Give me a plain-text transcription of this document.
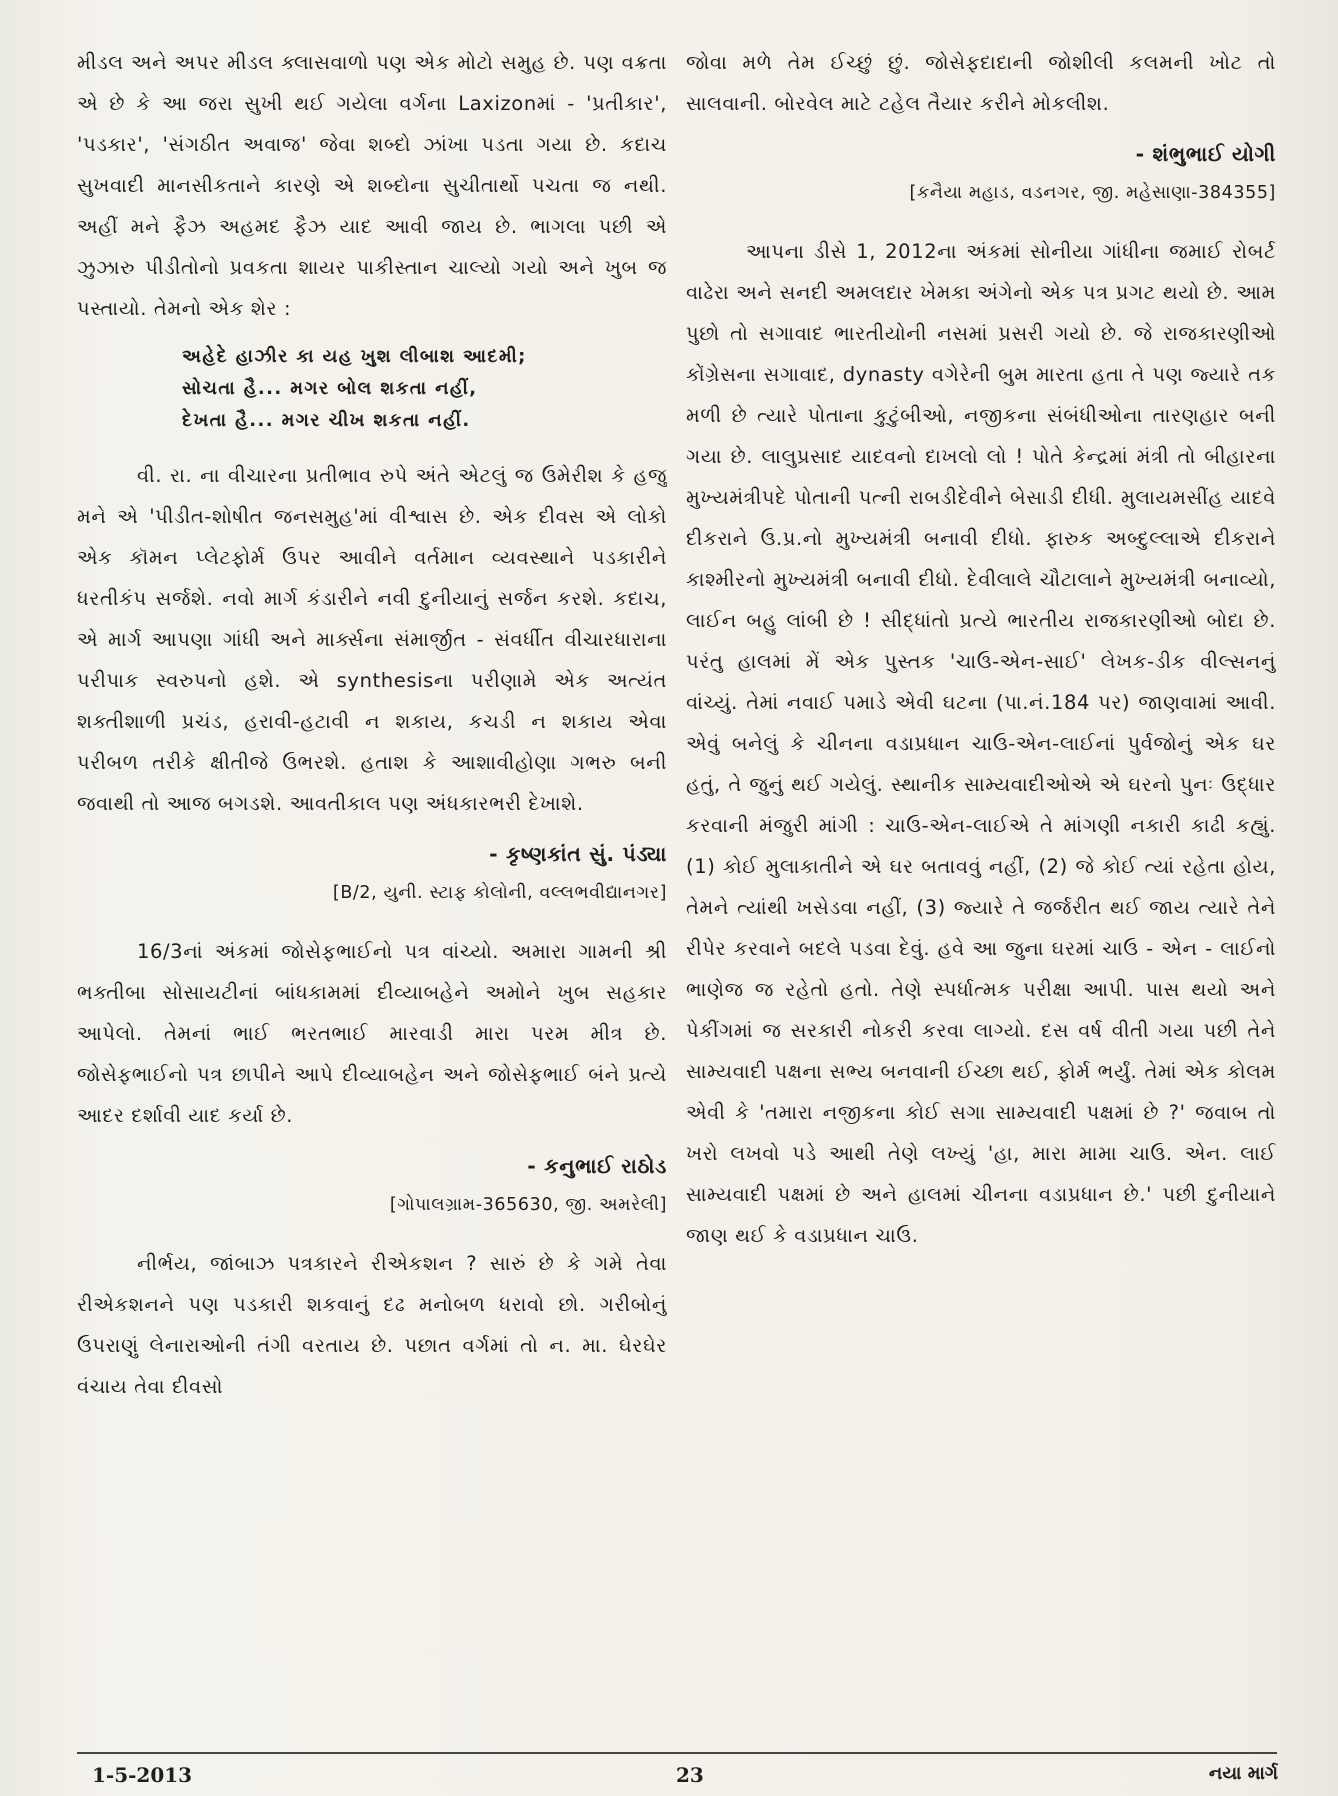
મીડલ અને અપર મીડલ ક્લાસવાળો પણ એક મોટો સમુહ છે. પણ વક્રતા એ છે કે આ જરા સુખી થઈ ગયેલા વર્ગના Laxizonમાં - 'પ્રતીકાર', 'પડકાર', 'સંગઠીત અવાજ' જેવા શબ્દો ઝાંખા પડતા ગયા છે. કદાચ સુખવાદી માનસીકતાને કારણે એ શબ્દોના સુચીતાર્થો પચતા જ નથી. અહીં મને ફૈઝ અહમદ ફૈઝ યાદ આવી જાય છે. ભાગલા પછી એ ઝુઝારુ પીડીતોનો પ્રવકતા શાયર પાકીસ્તાન ચાલ્યો ગયો અને ખુબ જ પસ્તાયો. તેમનો એક શેર :

અહેદે હાઝીર કા યહ ખુશ લીબાશ આદમી;
સોચતા હૈ... મગર બોલ શકતા નહીં,
દેખતા હૈ... મગર ચીખ શકતા નહીં.

વી. રા. ના વીચારના પ્રતીભાવ રુપે અંતે એટલું જ ઉમેરીશ કે હજુ મને એ 'પીડીત-શોષીત જનસમુહ'માં વીશ્વાસ છે. એક દીવસ એ લોકો એક કૉમન પ્લેટફોર્મ ઉપર આવીને વર્તમાન વ્યવસ્થાને પડકારીને ધરતીકંપ સર્જશે. નવો માર્ગ કંડારીને નવી દુનીયાનું સર્જન કરશે. કદાચ, એ માર્ગ આપણા ગાંધી અને માર્ક્સના સંમાર્જીત - સંવર્ધીત વીચારધારાના પરીપાક સ્વરુપનો હશે. એ synthesisના પરીણામે એક અત્યંત શક્તીશાળી પ્રચંડ, હરાવી-હટાવી ન શકાય, કચડી ન શકાય એવા પરીબળ તરીકે ક્ષીતીજે ઉભરશે. હતાશ કે આશાવીહોણા ગભરુ બની જવાથી તો આજ બગડશે. આવતીકાલ પણ અંધકારભરી દેખાશે.

- કૃષ્ણકાંત સું. પંડ્યા
[B/2, યુની. સ્ટાફ કોલોની, વલ્લભવીદ્યાનગર]

16/3નાં અંકમાં જોસેફભાઈનો પત્ર વાંચ્યો. અમારા ગામની શ્રી ભક્તીબા સોસાયટીનાં બાંધકામમાં દીવ્યાબહેને અમોને ખુબ સહકાર આપેલો. તેમનાં ભાઈ ભરતભાઈ મારવાડી મારા પરમ મીત્ર છે. જોસેફભાઈનો પત્ર છાપીને આપે દીવ્યાબહેન અને જોસેફભાઈ બંને પ્રત્યે આદર દર્શાવી યાદ કર્યા છે.

- કનુભાઈ રાઠોડ
[ગોપાલગ્રામ-365630, જી. અમરેલી]

નીર્ભય, જાંબાઝ પત્રકારને રીએકશન ? સારું છે કે ગમે તેવા રીએકશનને પણ પડકારી શકવાનું દઢ મનોબળ ધરાવો છો. ગરીબોનું ઉપરાણું લેનારાઓની તંગી વરતાય છે. પછાત વર્ગમાં તો ન. મા. ઘેરઘેર વંચાય તેવા દીવસો

જોવા મળે તેમ ઈચ્છું છું. જોસેફદાદાની જોશીલી કલમની ખોટ તો સાલવાની. બોરવેલ માટે ટહેલ તૈયાર કરીને મોકલીશ.

- શંભુભાઈ યોગી
[કનૈયા મહાડ, વડનગર, જી. મહેસાણા-384355]

આપના ડીસે 1, 2012ના અંકમાં સોનીયા ગાંધીના જમાઈ રોબર્ટ વાઢેરા અને સનદી અમલદાર ખેમકા અંગેનો એક પત્ર પ્રગટ થયો છે. આમ પુછો તો સગાવાદ ભારતીયોની નસમાં પ્રસરી ગયો છે. જે રાજકારણીઓ કોંગ્રેસના સગાવાદ, dynasty વગેરેની બુમ મારતા હતા તે પણ જ્યારે તક મળી છે ત્યારે પોતાના કુટુંબીઓ, નજીકના સંબંધીઓના તારણહાર બની ગયા છે. લાલુપ્રસાદ યાદવનો દાખલો લો ! પોતે કેન્દ્રમાં મંત્રી તો બીહારના મુખ્યમંત્રીપદે પોતાની પત્ની રાબડીદેવીને બેસાડી દીધી. મુલાયમસીંહ યાદવે દીકરાને ઉ.પ્ર.નો મુખ્યમંત્રી બનાવી દીધો. ફારુક અબ્દુલ્લાએ દીકરાને કાશ્મીરનો મુખ્યમંત્રી બનાવી દીધો. દેવીલાલે ચૌટાલાને મુખ્યમંત્રી બનાવ્યો, લાઈન બહુ લાંબી છે ! સીદ્ધાંતો પ્રત્યે ભારતીય રાજકારણીઓ બોદા છે. પરંતુ હાલમાં મેં એક પુસ્તક 'ચાઉ-એન-સાઈ' લેખક-ડીક વીલ્સનનું વાંચ્યું. તેમાં નવાઈ પમાડે એવી ઘટના (પા.નં.184 પર) જાણવામાં આવી. એવું બનેલું કે ચીનના વડાપ્રધાન ચાઉ-એન-લાઈનાં પુર્વજોનું એક ઘર હતું, તે જુનું થઈ ગયેલું. સ્થાનીક સામ્યવાદીઓએ એ ઘરનો પુનઃ ઉદ્ધાર કરવાની મંજુરી માંગી : ચાઉ-એન-લાઈએ તે માંગણી નકારી કાઢી કહ્યું. (1) કોઈ મુલાકાતીને એ ઘર બતાવવું નહીં, (2) જે કોઈ ત્યાં રહેતા હોય, તેમને ત્યાંથી ખસેડવા નહીં, (3) જ્યારે તે જર્જરીત થઈ જાય ત્યારે તેને રીપેર કરવાને બદલે પડવા દેવું. હવે આ જુના ઘરમાં ચાઉ - એન - લાઈનો ભાણેજ જ રહેતો હતો. તેણે સ્પર્ધાત્મક પરીક્ષા આપી. પાસ થયો અને પેકીંગમાં જ સરકારી નોકરી કરવા લાગ્યો. દસ વર્ષ વીતી ગયા પછી તેને સામ્યવાદી પક્ષના સભ્ય બનવાની ઈચ્છા થઈ, ફોર્મ ભર્યું. તેમાં એક કોલમ એવી કે 'તમારા નજીકના કોઈ સગા સામ્યવાદી પક્ષમાં છે ?' જવાબ તો ખરો લખવો પડે આથી તેણે લખ્યું 'હા, મારા મામા ચાઉ. એન. લાઈ સામ્યવાદી પક્ષમાં છે અને હાલમાં ચીનના વડાપ્રધાન છે.' પછી દુનીયાને જાણ થઈ કે વડાપ્રધાન ચાઉ.

1-5-2013	23	નયા માર્ગ
